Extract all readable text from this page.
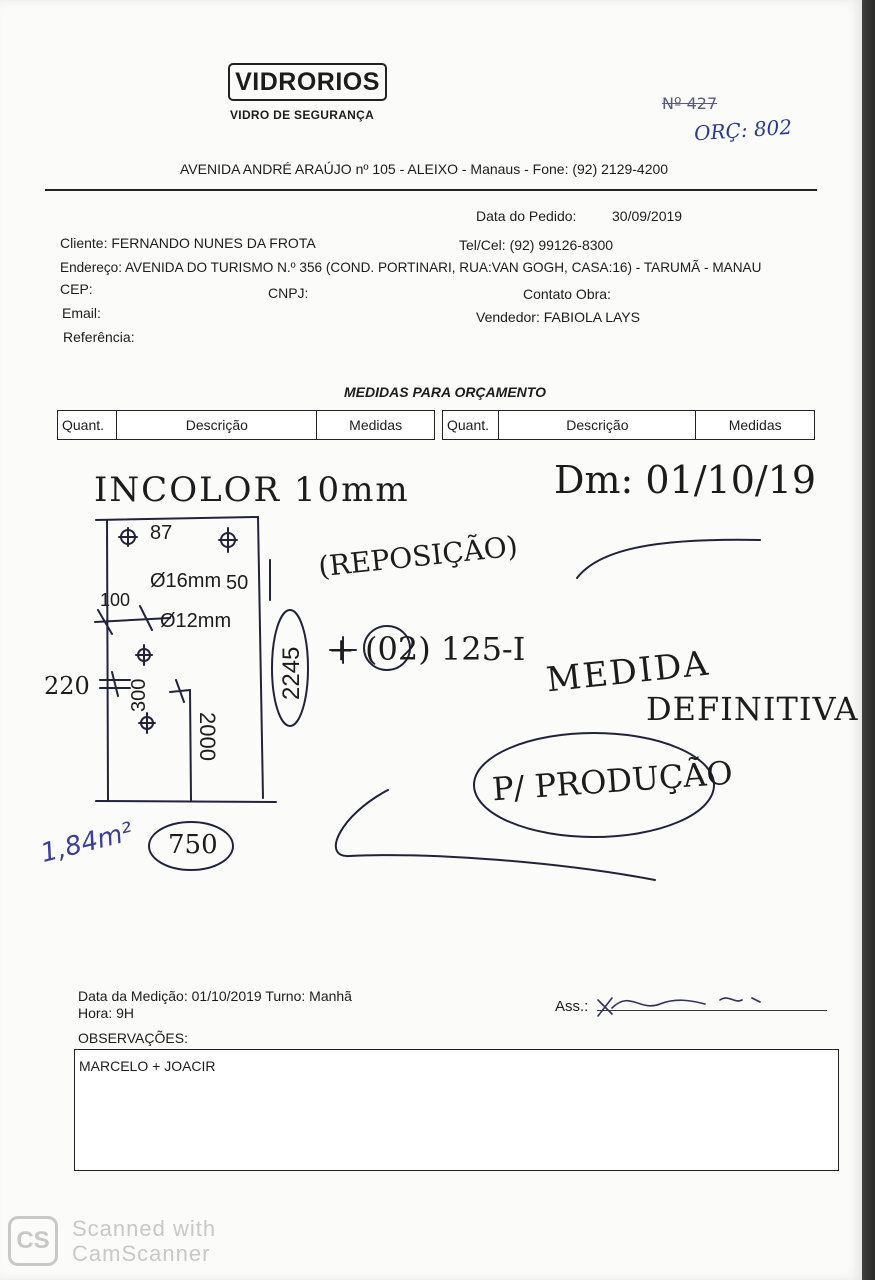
VIDRORIOS
VIDRO DE SEGURANÇA
Nº 427
ORÇ: 802
AVENIDA ANDRÉ ARAÚJO nº 105 - ALEIXO - Manaus - Fone: (92) 2129-4200
Data do Pedido:	30/09/2019
Cliente: FERNANDO NUNES DA FROTA	Tel/Cel: (92) 99126-8300
Endereço: AVENIDA DO TURISMO N.º 356 (COND. PORTINARI, RUA:VAN GOGH, CASA:16) - TARUMÃ - MANAU
CEP:	CNPJ:	Contato Obra:
Email:	Vendedor: FABIOLA LAYS
Referência:
MEDIDAS PARA ORÇAMENTO
Quant.	Descrição	Medidas	Quant.	Descrição	Medidas
INCOLOR 10mm	Dm: 01/10/19
(REPOSIÇÃO)
+ (02) 125-I MEDIDA
DEFINITIVA
P/ PRODUÇÃO
87
Ø16mm 50
100
Ø12mm
220 300
2000
2245
750
1,84m²
Data da Medição: 01/10/2019 Turno: Manhã
Hora: 9H	Ass.:
OBSERVAÇÕES:
MARCELO + JOACIR
CS	Scanned with
CamScanner
